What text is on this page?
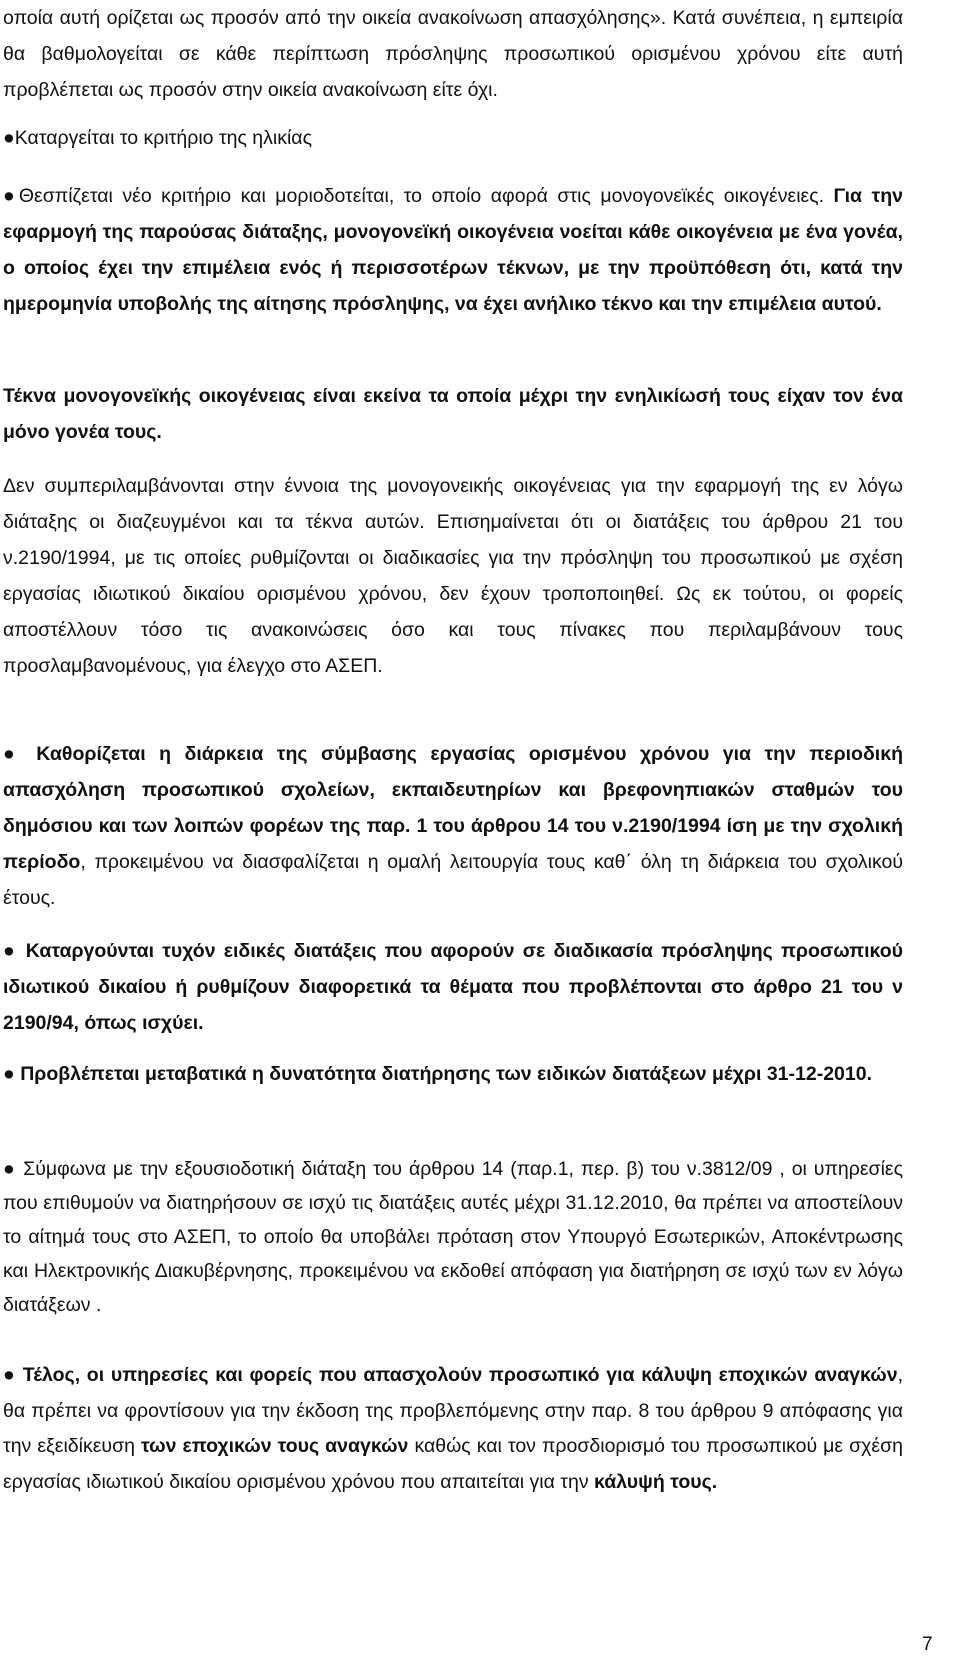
οποία αυτή ορίζεται ως προσόν από την οικεία ανακοίνωση απασχόλησης». Κατά συνέπεια, η εμπειρία θα βαθμολογείται σε κάθε περίπτωση πρόσληψης προσωπικού ορισμένου χρόνου είτε αυτή προβλέπεται ως προσόν στην οικεία ανακοίνωση είτε όχι.

●Καταργείται το κριτήριο της ηλικίας

●Θεσπίζεται νέο κριτήριο και μοριοδοτείται, το οποίο αφορά στις μονογονεϊκές οικογένειες. Για την εφαρμογή της παρούσας διάταξης, μονογονεϊκή οικογένεια νοείται κάθε οικογένεια με ένα γονέα, ο οποίος έχει την επιμέλεια ενός ή περισσοτέρων τέκνων, με την προϋπόθεση ότι, κατά την ημερομηνία υποβολής της αίτησης πρόσληψης, να έχει ανήλικο τέκνο και την επιμέλεια αυτού.

Τέκνα μονογονεϊκής οικογένειας είναι εκείνα τα οποία μέχρι την ενηλικίωσή τους είχαν τον ένα μόνο γονέα τους.

Δεν συμπεριλαμβάνονται στην έννοια της μονογονεικής οικογένειας για την εφαρμογή της εν λόγω διάταξης οι διαζευγμένοι και τα τέκνα αυτών. Επισημαίνεται ότι οι διατάξεις του άρθρου 21 του ν.2190/1994, με τις οποίες ρυθμίζονται οι διαδικασίες για την πρόσληψη του προσωπικού με σχέση εργασίας ιδιωτικού δικαίου ορισμένου χρόνου, δεν έχουν τροποποιηθεί. Ως εκ τούτου, οι φορείς αποστέλλουν τόσο τις ανακοινώσεις όσο και τους πίνακες που περιλαμβάνουν τους προσλαμβανομένους, για έλεγχο στο ΑΣΕΠ.

● Καθορίζεται η διάρκεια της σύμβασης εργασίας ορισμένου χρόνου για την περιοδική απασχόληση προσωπικού σχολείων, εκπαιδευτηρίων και βρεφονηπιακών σταθμών του δημόσιου και των λοιπών φορέων της παρ. 1 του άρθρου 14 του ν.2190/1994 ίση με την σχολική περίοδο, προκειμένου να διασφαλίζεται η ομαλή λειτουργία τους καθ΄ όλη τη διάρκεια του σχολικού έτους.

● Καταργούνται τυχόν ειδικές διατάξεις που αφορούν σε διαδικασία πρόσληψης προσωπικού ιδιωτικού δικαίου ή ρυθμίζουν διαφορετικά τα θέματα που προβλέπονται στο άρθρο 21 του ν 2190/94, όπως ισχύει.

● Προβλέπεται μεταβατικά η δυνατότητα διατήρησης των ειδικών διατάξεων μέχρι 31-12-2010.

● Σύμφωνα με την εξουσιοδοτική διάταξη του άρθρου 14 (παρ.1, περ. β) του ν.3812/09 , οι υπηρεσίες που επιθυμούν να διατηρήσουν σε ισχύ τις διατάξεις αυτές μέχρι 31.12.2010, θα πρέπει να αποστείλουν το αίτημά τους στο ΑΣΕΠ, το οποίο θα υποβάλει πρόταση στον Υπουργό Εσωτερικών, Αποκέντρωσης και Ηλεκτρονικής Διακυβέρνησης, προκειμένου να εκδοθεί απόφαση για διατήρηση σε ισχύ των εν λόγω διατάξεων .

● Τέλος, οι υπηρεσίες και φορείς που απασχολούν προσωπικό για κάλυψη εποχικών αναγκών, θα πρέπει να φροντίσουν για την έκδοση της προβλεπόμενης στην παρ. 8 του άρθρου 9 απόφασης για την εξειδίκευση των εποχικών τους αναγκών καθώς και τον προσδιορισμό του προσωπικού με σχέση εργασίας ιδιωτικού δικαίου ορισμένου χρόνου που απαιτείται για την κάλυψή τους.

7
